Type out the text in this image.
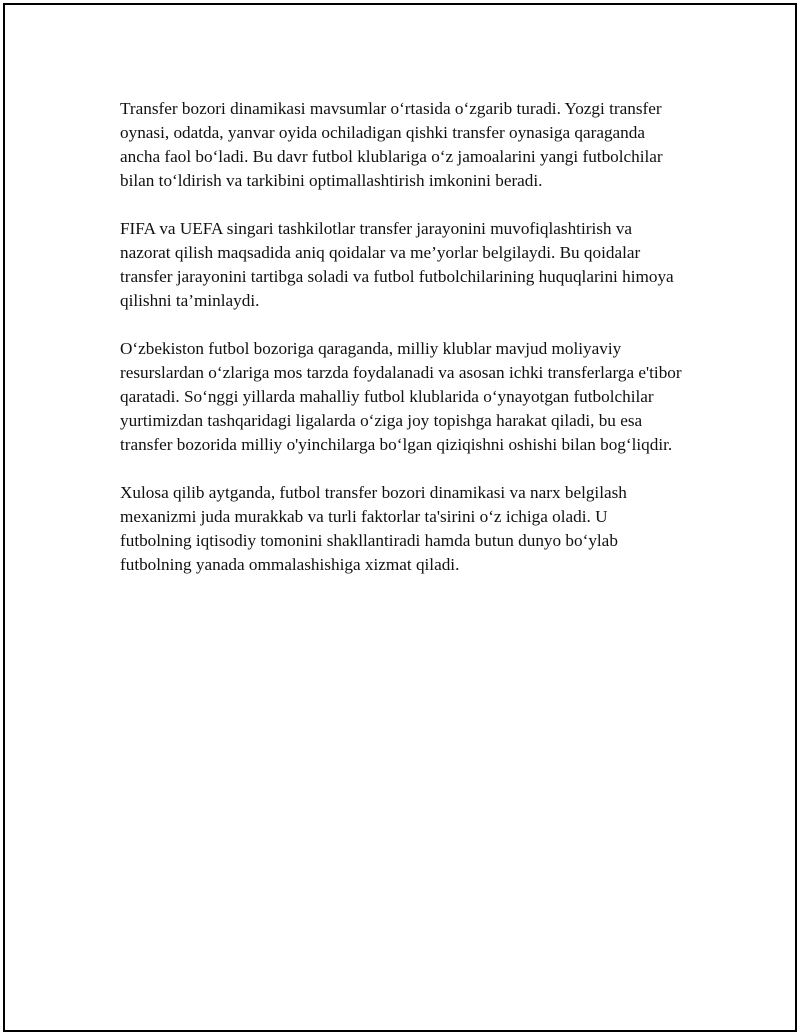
Transfer bozori dinamikasi mavsumlar o‘rtasida o‘zgarib turadi. Yozgi transfer oynasi, odatda, yanvar oyida ochiladigan qishki transfer oynasiga qaraganda ancha faol bo‘ladi. Bu davr futbol klublariga o‘z jamoalarini yangi futbolchilar bilan to‘ldirish va tarkibini optimallashtirish imkonini beradi.

FIFA va UEFA singari tashkilotlar transfer jarayonini muvofiqlashtirish va nazorat qilish maqsadida aniq qoidalar va me’yorlar belgilaydi. Bu qoidalar transfer jarayonini tartibga soladi va futbol futbolchilarining huquqlarini himoya qilishni ta’minlaydi.

O‘zbekiston futbol bozoriga qaraganda, milliy klublar mavjud moliyaviy resurslardan o‘zlariga mos tarzda foydalanadi va asosan ichki transferlarga e'tibor qaratadi. So‘nggi yillarda mahalliy futbol klublarida o‘ynayotgan futbolchilar yurtimizdan tashqaridagi ligalarda o‘ziga joy topishga harakat qiladi, bu esa transfer bozorida milliy o'yinchilarga bo‘lgan qiziqishni oshishi bilan bog‘liqdir.

Xulosa qilib aytganda, futbol transfer bozori dinamikasi va narx belgilash mexanizmi juda murakkab va turli faktorlar ta'sirini o‘z ichiga oladi. U futbolning iqtisodiy tomonini shakllantiradi hamda butun dunyo bo‘ylab futbolning yanada ommalashishiga xizmat qiladi.
